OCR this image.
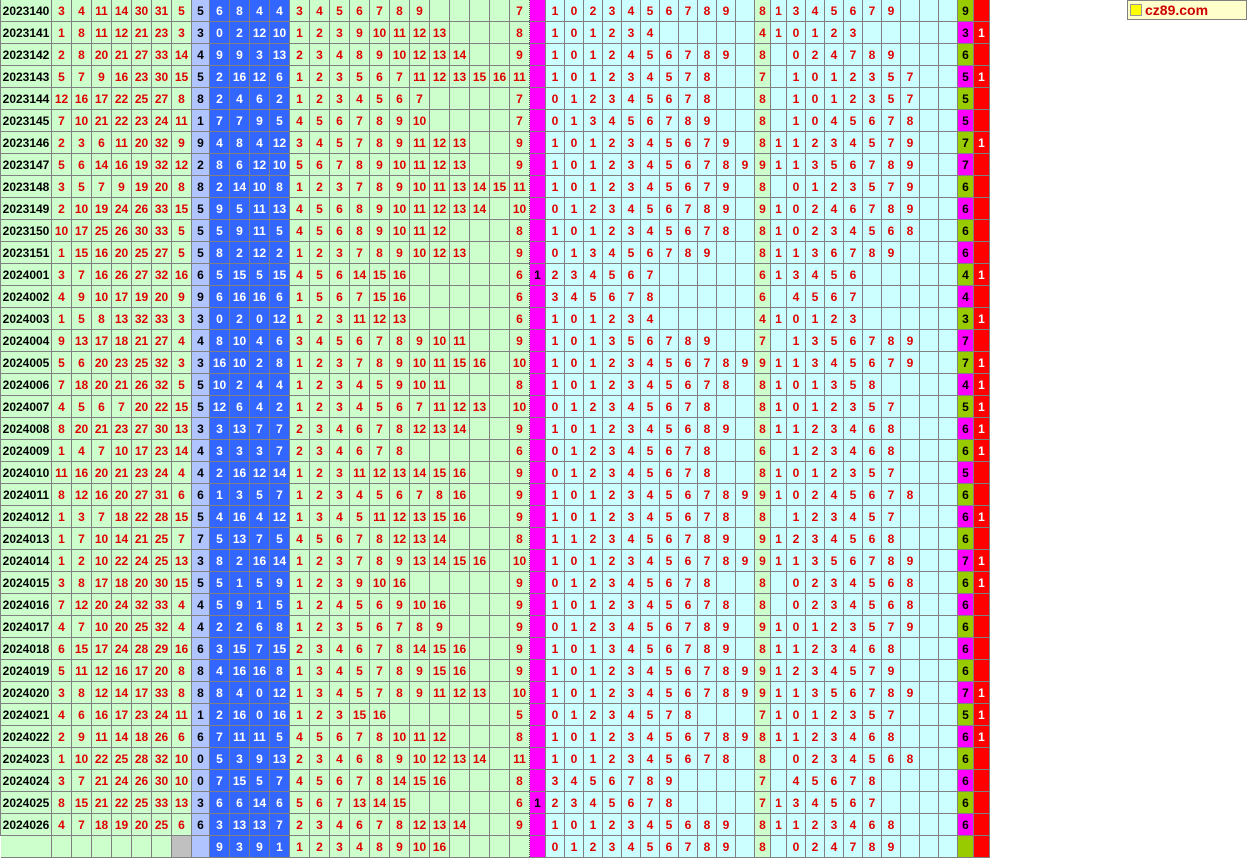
2023140	3	4	11	14	30	31	5	5	6	8	4	4	3	4	5	6	7	8	9					7		1	0	2	3	4	5	6	7	8	9		8	1	3	4	5	6	7	9				9	
2023141	1	8	11	12	21	23	3	3	0	2	12	10	1	2	3	9	10	11	12	13				8		1	0	1	2	3	4						4	1	0	1	2	3						3	1
2023142	2	8	20	21	27	33	14	4	9	9	3	13	2	3	4	8	9	10	12	13	14			9		1	0	1	2	4	5	6	7	8	9		8		0	2	4	7	8	9				6	
2023143	5	7	9	16	23	30	15	5	2	16	12	6	1	2	3	5	6	7	11	12	13	15	16	11		1	0	1	2	3	4	5	7	8			7		1	0	1	2	3	5	7			5	1
2023144	12	16	17	22	25	27	8	8	2	4	6	2	1	2	3	4	5	6	7					7		0	1	2	3	4	5	6	7	8			8		1	0	1	2	3	5	7			5	
2023145	7	10	21	22	23	24	11	1	7	7	9	5	4	5	6	7	8	9	10					7		0	1	3	4	5	6	7	8	9			8		1	0	4	5	6	7	8			5	
2023146	2	3	6	11	20	32	9	9	4	8	4	12	3	4	5	7	8	9	11	12	13			9		1	0	1	2	3	4	5	6	7	9		8	1	1	2	3	4	5	7	9			7	1
2023147	5	6	14	16	19	32	12	2	8	6	12	10	5	6	7	8	9	10	11	12	13			9		1	0	1	2	3	4	5	6	7	8	9	9	1	1	3	5	6	7	8	9			7	
2023148	3	5	7	9	19	20	8	8	2	14	10	8	1	2	3	7	8	9	10	11	13	14	15	11		1	0	1	2	3	4	5	6	7	9		8		0	1	2	3	5	7	9			6	
2023149	2	10	19	24	26	33	15	5	9	5	11	13	4	5	6	8	9	10	11	12	13	14		10		0	1	2	3	4	5	6	7	8	9		9	1	0	2	4	6	7	8	9			6	
2023150	10	17	25	26	30	33	5	5	5	9	11	5	4	5	6	8	9	10	11	12				8		1	0	1	2	3	4	5	6	7	8		8	1	0	2	3	4	5	6	8			6	
2023151	1	15	16	20	25	27	5	5	8	2	12	2	1	2	3	7	8	9	10	12	13			9		0	1	3	4	5	6	7	8	9			8	1	1	3	6	7	8	9				6	
2024001	3	7	16	26	27	32	16	6	5	15	5	15	4	5	6	14	15	16						6	1	2	3	4	5	6	7						6	1	3	4	5	6						4	1
2024002	4	9	10	17	19	20	9	9	6	16	16	6	1	5	6	7	15	16						6		3	4	5	6	7	8						6		4	5	6	7						4	
2024003	1	5	8	13	32	33	3	3	0	2	0	12	1	2	3	11	12	13						6		1	0	1	2	3	4						4	1	0	1	2	3						3	1
2024004	9	13	17	18	21	27	4	4	8	10	4	6	3	4	5	6	7	8	9	10	11			9		1	0	1	3	5	6	7	8	9			7		1	3	5	6	7	8	9			7	
2024005	5	6	20	23	25	32	3	3	16	10	2	8	1	2	3	7	8	9	10	11	15	16		10		1	0	1	2	3	4	5	6	7	8	9	9	1	1	3	4	5	6	7	9			7	1
2024006	7	18	20	21	26	32	5	5	10	2	4	4	1	2	3	4	5	9	10	11				8		1	0	1	2	3	4	5	6	7	8		8	1	0	1	3	5	8					4	1
2024007	4	5	6	7	20	22	15	5	12	6	4	2	1	2	3	4	5	6	7	11	12	13		10		0	1	2	3	4	5	6	7	8			8	1	0	1	2	3	5	7				5	1
2024008	8	20	21	23	27	30	13	3	3	13	7	7	2	3	4	6	7	8	12	13	14			9		1	0	1	2	3	4	5	6	8	9		8	1	1	2	3	4	6	8				6	1
2024009	1	4	7	10	17	23	14	4	3	3	3	7	2	3	4	6	7	8						6		0	1	2	3	4	5	6	7	8			6		1	2	3	4	6	8				6	1
2024010	11	16	20	21	23	24	4	4	2	16	12	14	1	2	3	11	12	13	14	15	16			9		0	1	2	3	4	5	6	7	8			8	1	0	1	2	3	5	7				5	
2024011	8	12	16	20	27	31	6	6	1	3	5	7	1	2	3	4	5	6	7	8	16			9		1	0	1	2	3	4	5	6	7	8	9	9	1	0	2	4	5	6	7	8			6	
2024012	1	3	7	18	22	28	15	5	4	16	4	12	1	3	4	5	11	12	13	15	16			9		1	0	1	2	3	4	5	6	7	8		8		1	2	3	4	5	7				6	1
2024013	1	7	10	14	21	25	7	7	5	13	7	5	4	5	6	7	8	12	13	14				8		1	1	2	3	4	5	6	7	8	9		9	1	2	3	4	5	6	8				6	
2024014	1	2	10	22	24	25	13	3	8	2	16	14	1	2	3	7	8	9	13	14	15	16		10		1	0	1	2	3	4	5	6	7	8	9	9	1	1	3	5	6	7	8	9			7	1
2024015	3	8	17	18	20	30	15	5	5	1	5	9	1	2	3	9	10	16						9		0	1	2	3	4	5	6	7	8			8		0	2	3	4	5	6	8			6	1
2024016	7	12	20	24	32	33	4	4	5	9	1	5	1	2	4	5	6	9	10	16				9		1	0	1	2	3	4	5	6	7	8		8		0	2	3	4	5	6	8			6	
2024017	4	7	10	20	25	32	4	4	2	2	6	8	1	2	3	5	6	7	8	9				9		0	1	2	3	4	5	6	7	8	9		9	1	0	1	2	3	5	7	9			6	
2024018	6	15	17	24	28	29	16	6	3	15	7	15	2	3	4	6	7	8	14	15	16			9		1	0	1	3	4	5	6	7	8	9		8	1	1	2	3	4	6	8				6	
2024019	5	11	12	16	17	20	8	8	4	16	16	8	1	3	4	5	7	8	9	15	16			9		1	0	1	2	3	4	5	6	7	8	9	9	1	2	3	4	5	7	9				6	
2024020	3	8	12	14	17	33	8	8	8	4	0	12	1	3	4	5	7	8	9	11	12	13		10		1	0	1	2	3	4	5	6	7	8	9	9	1	1	3	5	6	7	8	9			7	1
2024021	4	6	16	17	23	24	11	1	2	16	0	16	1	2	3	15	16							5		0	1	2	3	4	5	7	8				7	1	0	1	2	3	5	7				5	1
2024022	2	9	11	14	18	26	6	6	7	11	11	5	4	5	6	7	8	10	11	12				8		1	0	1	2	3	4	5	6	7	8	9	8	1	1	2	3	4	6	8				6	1
2024023	1	10	22	25	28	32	10	0	5	3	9	13	2	3	4	6	8	9	10	12	13	14		11		1	0	1	2	3	4	5	6	7	8		8		0	2	3	4	5	6	8			6	
2024024	3	7	21	24	26	30	10	0	7	15	5	7	4	5	6	7	8	14	15	16				8		3	4	5	6	7	8	9					7		4	5	6	7	8					6	
2024025	8	15	21	22	25	33	13	3	6	6	14	6	5	6	7	13	14	15						6	1	2	3	4	5	6	7	8					7	1	3	4	5	6	7					6	
2024026	4	7	18	19	20	25	6	6	3	13	13	7	2	3	4	6	7	8	12	13	14			9		1	0	1	2	3	4	5	6	8	9		8	1	1	2	3	4	6	8				6	
									9	3	9	1	1	2	3	4	8	9	10	16						0	1	2	3	4	5	6	7	8	9		8		0	2	4	7	8	9					
cz89.com
